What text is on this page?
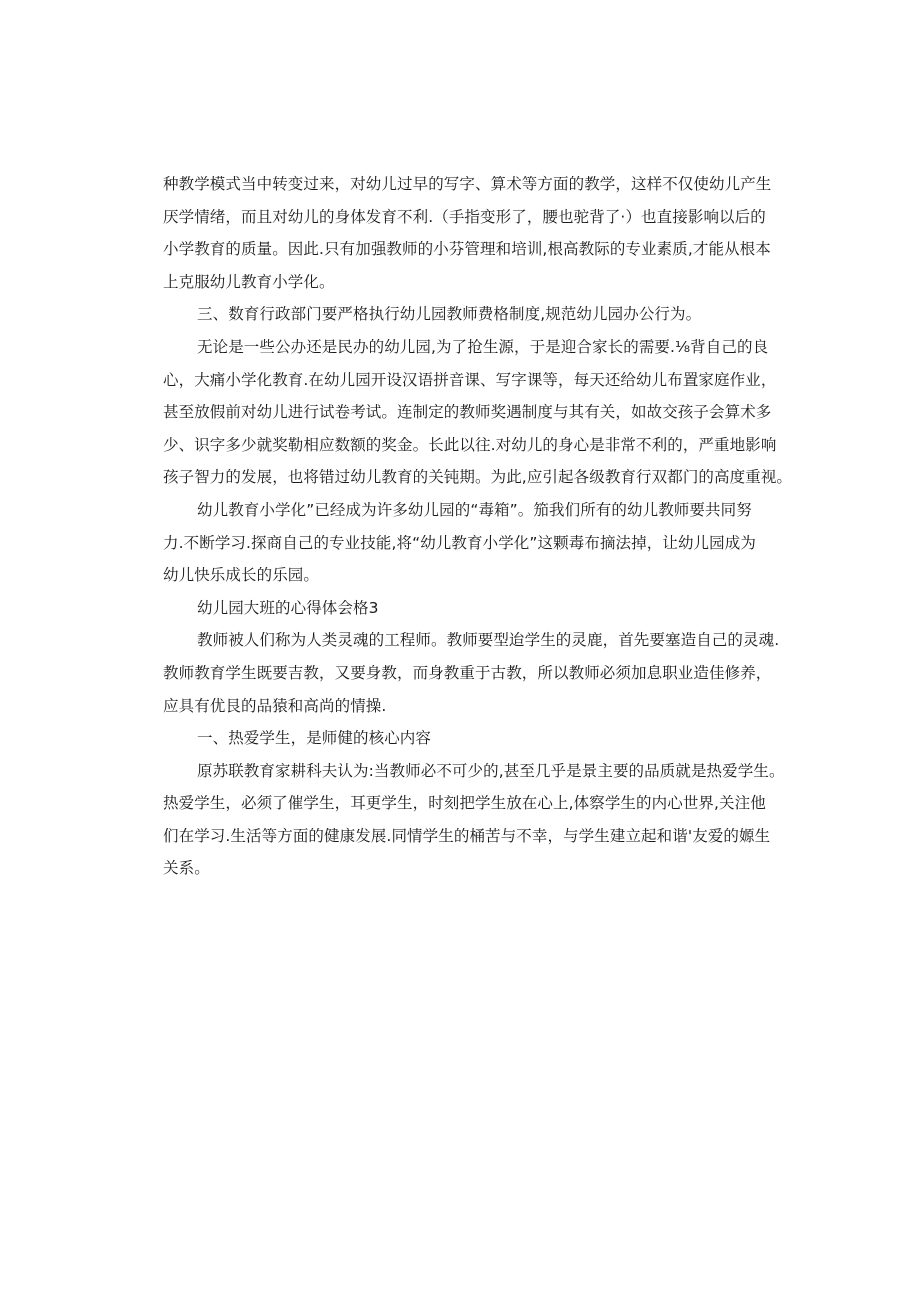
种教学模式当中转变过来，对幼儿过早的写字、算术等方面的教学，这样不仅使幼儿产生
厌学情绪，而且对幼儿的身体发育不利.（手指变形了，腰也驼背了·）也直接影响以后的
小学教育的质量。因此.只有加强教师的小芬管理和培训,根高教际的专业素质,才能从根本
上克服幼儿教育小学化。
三、数育行政部门要严格执行幼儿园教师费格制度,规范幼儿园办公行为。
无论是一些公办还是民办的幼儿园,为了抢生源，于是迎合家长的需要.⅛背自己的良
心，大痛小学化教育.在幼儿园开设汉语拼音课、写字课等，每天还给幼儿布置家庭作业，
甚至放假前对幼儿进行试卷考试。连制定的教师奖遇制度与其有关，如故交孩子会算术多
少、识字多少就奖勒相应数额的奖金。长此以往.对幼儿的身心是非常不利的，严重地影响
孩子智力的发展，也将错过幼儿教育的关钝期。为此,应引起各级教育行双都门的高度重视。
幼儿教育小学化”已经成为许多幼儿园的“毒箱”。笳我们所有的幼儿教师要共同努
力.不断学习.探商自己的专业技能,将“幼儿教育小学化”这颗毒布摘法掉，让幼儿园成为
幼儿快乐成长的乐园。
幼儿园大班的心得体会格3
教师被人们称为人类灵魂的工程师。教师要型迨学生的灵鹿，首先要塞造自己的灵魂.
教师教育学生既要吉教，又要身教，而身教重于古教，所以教师必须加息职业造佳修养，
应具有优艮的品猿和高尚的情操.
一、热爱学生，是师健的核心内容
原苏联教育家耕科夫认为:当教师必不可少的,甚至几乎是景主要的品质就是热爱学生。
热爱学生，必须了催学生，耳更学生，时刻把学生放在心上,体察学生的内心世界,关注他
们在学习.生活等方面的健康发展.同情学生的桶苦与不幸，与学生建立起和谐'友爱的嫄生
关系。
